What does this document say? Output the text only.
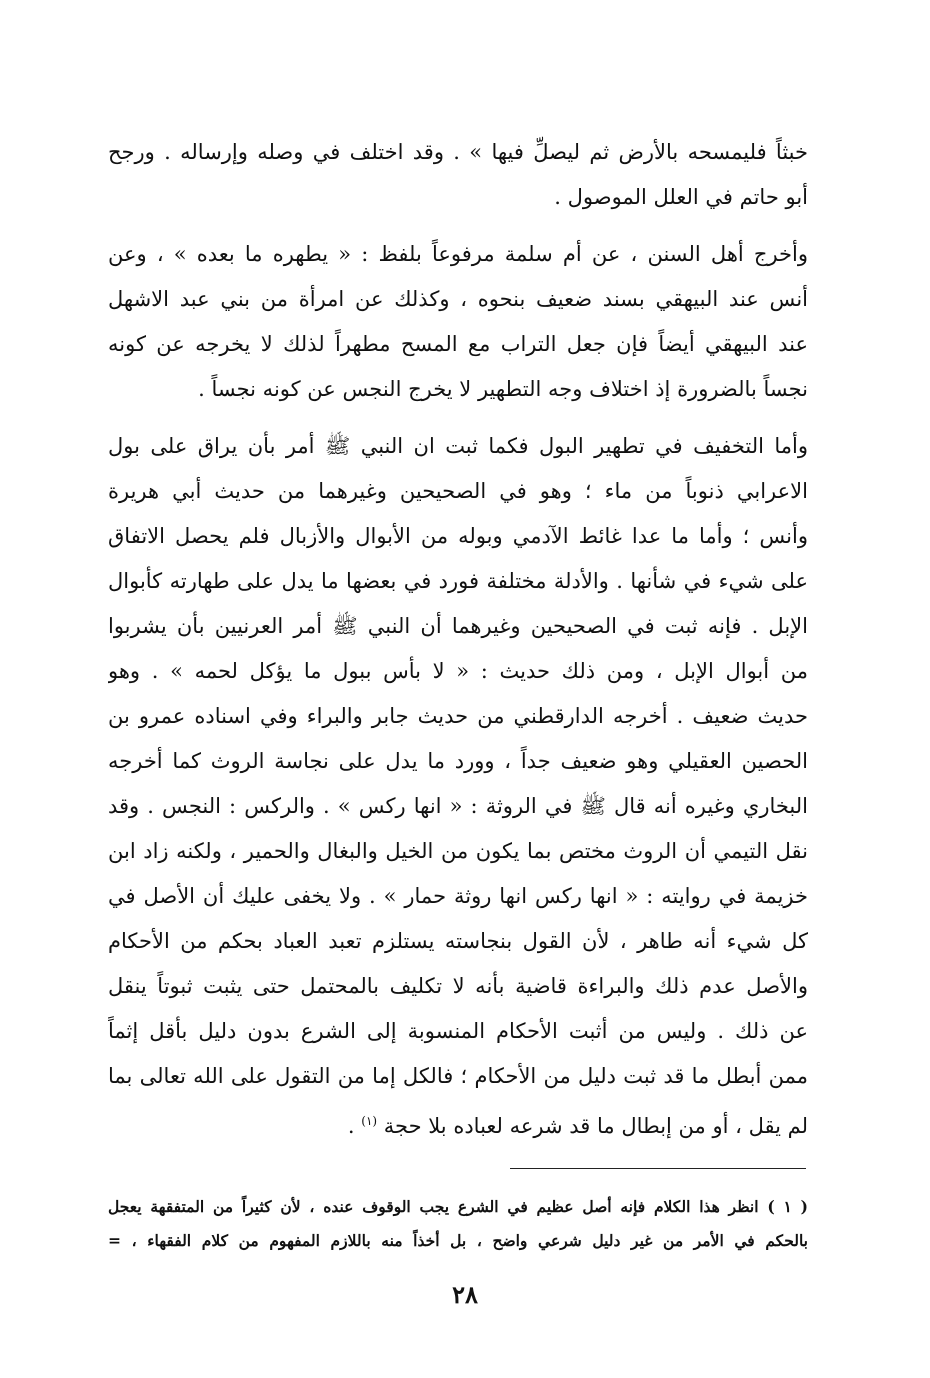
خبثاً فليمسحه بالأرض ثم ليصلِّ فيها » . وقد اختلف في وصله وإرساله . ورجح
أبو حاتم في العلل الموصول .
وأخرج أهل السنن ، عن أم سلمة مرفوعاً بلفظ : « يطهره ما بعده » ، وعن
أنس عند البيهقي بسند ضعيف بنحوه ، وكذلك عن امرأة من بني عبد الاشهل
عند البيهقي أيضاً فإن جعل التراب مع المسح مطهراً لذلك لا يخرجه عن كونه
نجساً بالضرورة إذ اختلاف وجه التطهير لا يخرج النجس عن كونه نجساً .
وأما التخفيف في تطهير البول فكما ثبت ان النبي ﷺ أمر بأن يراق على بول
الاعرابي ذنوباً من ماء ؛ وهو في الصحيحين وغيرهما من حديث أبي هريرة
وأنس ؛ وأما ما عدا غائط الآدمي وبوله من الأبوال والأزبال فلم يحصل الاتفاق
على شيء في شأنها . والأدلة مختلفة فورد في بعضها ما يدل على طهارته كأبوال
الإبل . فإنه ثبت في الصحيحين وغيرهما أن النبي ﷺ أمر العرنيين بأن يشربوا
من أبوال الإبل ، ومن ذلك حديث : « لا بأس ببول ما يؤكل لحمه » . وهو
حديث ضعيف . أخرجه الدارقطني من حديث جابر والبراء وفي اسناده عمرو بن
الحصين العقيلي وهو ضعيف جداً ، وورد ما يدل على نجاسة الروث كما أخرجه
البخاري وغيره أنه قال ﷺ في الروثة : « انها ركس » . والركس : النجس . وقد
نقل التيمي أن الروث مختص بما يكون من الخيل والبغال والحمير ، ولكنه زاد ابن
خزيمة في روايته : « انها ركس انها روثة حمار » . ولا يخفى عليك أن الأصل في
كل شيء أنه طاهر ، لأن القول بنجاسته يستلزم تعبد العباد بحكم من الأحكام
والأصل عدم ذلك والبراءة قاضية بأنه لا تكليف بالمحتمل حتى يثبت ثبوتاً ينقل
عن ذلك . وليس من أثبت الأحكام المنسوبة إلى الشرع بدون دليل بأقل إثماً
ممن أبطل ما قد ثبت دليل من الأحكام ؛ فالكل إما من التقول على الله تعالى بما
لم يقل ، أو من إبطال ما قد شرعه لعباده بلا حجة $^{(١)}$ .
( ١ ) انظر هذا الكلام فإنه أصل عظيم في الشرع يجب الوقوف عنده ، لأن كثيراً من المتفقهة يعجل
بالحكم في الأمر من غير دليل شرعي واضح ، بل أخذاً منه باللازم المفهوم من كلام الفقهاء ، =
٢٨
